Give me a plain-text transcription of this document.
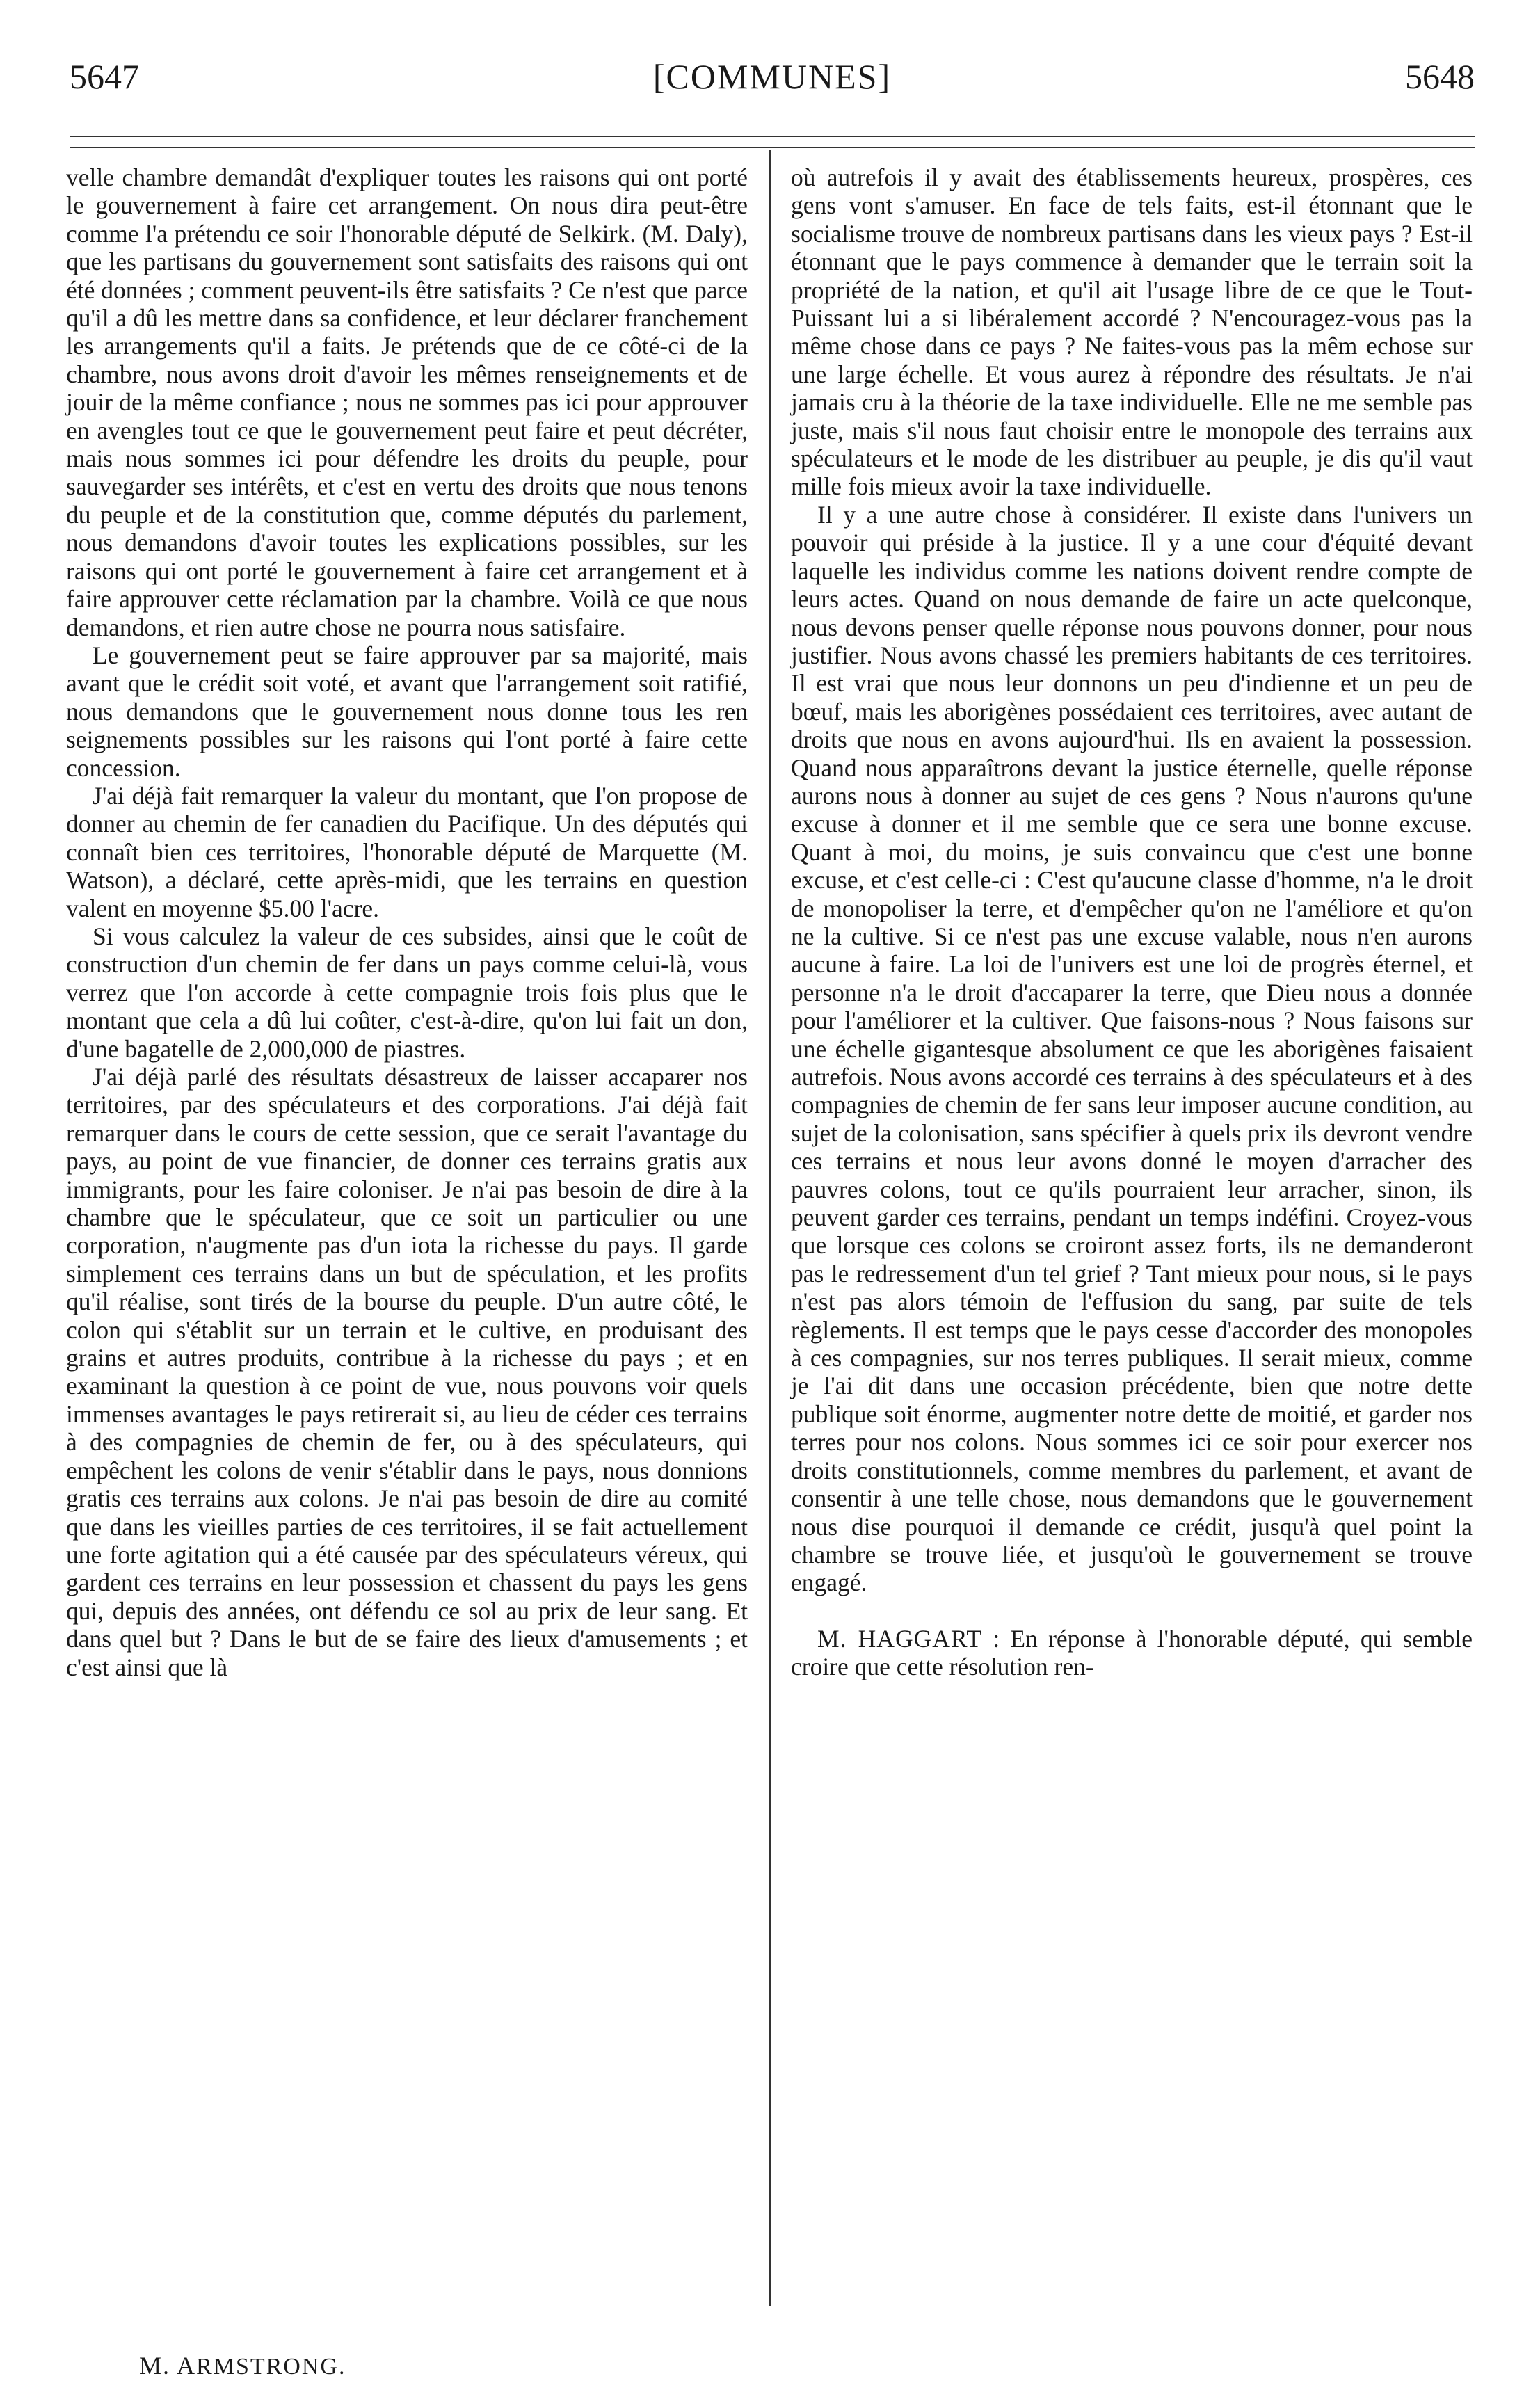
5647	[COMMUNES]	5648

velle chambre demandât d'expliquer toutes les raisons qui ont porté le gouvernement à faire cet arrangement. On nous dira peut-être comme l'a prétendu ce soir l'honorable député de Selkirk. (M. Daly), que les partisans du gouvernement sont satisfaits des raisons qui ont été données ; comment peuvent-ils être satisfaits ? Ce n'est que parce qu'il a dû les mettre dans sa confidence, et leur déclarer franchement les arrangements qu'il a faits. Je prétends que de ce côté-ci de la chambre, nous avons droit d'avoir les mêmes renseignements et de jouir de la même confiance ; nous ne sommes pas ici pour approuver en avengles tout ce que le gouvernement peut faire et peut décréter, mais nous sommes ici pour défendre les droits du peuple, pour sauvegarder ses intérêts, et c'est en vertu des droits que nous tenons du peuple et de la constitution que, comme députés du parlement, nous demandons d'avoir toutes les explications possibles, sur les raisons qui ont porté le gouvernement à faire cet arrangement et à faire approuver cette réclamation par la chambre. Voilà ce que nous demandons, et rien autre chose ne pourra nous satisfaire.

Le gouvernement peut se faire approuver par sa majorité, mais avant que le crédit soit voté, et avant que l'arrangement soit ratifié, nous demandons que le gouvernement nous donne tous les ren seignements possibles sur les raisons qui l'ont porté à faire cette concession.

J'ai déjà fait remarquer la valeur du montant, que l'on propose de donner au chemin de fer canadien du Pacifique. Un des députés qui connaît bien ces territoires, l'honorable député de Marquette (M. Watson), a déclaré, cette après-midi, que les terrains en question valent en moyenne $5.00 l'acre.

Si vous calculez la valeur de ces subsides, ainsi que le coût de construction d'un chemin de fer dans un pays comme celui-là, vous verrez que l'on accorde à cette compagnie trois fois plus que le montant que cela a dû lui coûter, c'est-à-dire, qu'on lui fait un don, d'une bagatelle de 2,000,000 de piastres.

J'ai déjà parlé des résultats désastreux de laisser accaparer nos territoires, par des spéculateurs et des corporations. J'ai déjà fait remarquer dans le cours de cette session, que ce serait l'avantage du pays, au point de vue financier, de donner ces terrains gratis aux immigrants, pour les faire coloniser. Je n'ai pas besoin de dire à la chambre que le spéculateur, que ce soit un particulier ou une corporation, n'augmente pas d'un iota la richesse du pays. Il garde simplement ces terrains dans un but de spéculation, et les profits qu'il réalise, sont tirés de la bourse du peuple. D'un autre côté, le colon qui s'établit sur un terrain et le cultive, en produisant des grains et autres produits, contribue à la richesse du pays ; et en examinant la question à ce point de vue, nous pouvons voir quels immenses avantages le pays retirerait si, au lieu de céder ces terrains à des compagnies de chemin de fer, ou à des spéculateurs, qui empêchent les colons de venir s'établir dans le pays, nous donnions gratis ces terrains aux colons. Je n'ai pas besoin de dire au comité que dans les vieilles parties de ces territoires, il se fait actuellement une forte agitation qui a été causée par des spéculateurs véreux, qui gardent ces terrains en leur possession et chassent du pays les gens qui, depuis des années, ont défendu ce sol au prix de leur sang. Et dans quel but ? Dans le but de se faire des lieux d'amusements ; et c'est ainsi que là

où autrefois il y avait des établissements heureux, prospères, ces gens vont s'amuser. En face de tels faits, est-il étonnant que le socialisme trouve de nombreux partisans dans les vieux pays ? Est-il étonnant que le pays commence à demander que le terrain soit la propriété de la nation, et qu'il ait l'usage libre de ce que le Tout-Puissant lui a si libéralement accordé ? N'encouragez-vous pas la même chose dans ce pays ? Ne faites-vous pas la mêm echose sur une large échelle. Et vous aurez à répondre des résultats. Je n'ai jamais cru à la théorie de la taxe individuelle. Elle ne me semble pas juste, mais s'il nous faut choisir entre le monopole des terrains aux spéculateurs et le mode de les distribuer au peuple, je dis qu'il vaut mille fois mieux avoir la taxe individuelle.

Il y a une autre chose à considérer. Il existe dans l'univers un pouvoir qui préside à la justice. Il y a une cour d'équité devant laquelle les individus comme les nations doivent rendre compte de leurs actes. Quand on nous demande de faire un acte quelconque, nous devons penser quelle réponse nous pouvons donner, pour nous justifier. Nous avons chassé les premiers habitants de ces territoires. Il est vrai que nous leur donnons un peu d'indienne et un peu de bœuf, mais les aborigènes possédaient ces territoires, avec autant de droits que nous en avons aujourd'hui. Ils en avaient la possession. Quand nous apparaîtrons devant la justice éternelle, quelle réponse aurons nous à donner au sujet de ces gens ? Nous n'aurons qu'une excuse à donner et il me semble que ce sera une bonne excuse. Quant à moi, du moins, je suis convaincu que c'est une bonne excuse, et c'est celle-ci : C'est qu'aucune classe d'homme, n'a le droit de monopoliser la terre, et d'empêcher qu'on ne l'améliore et qu'on ne la cultive. Si ce n'est pas une excuse valable, nous n'en aurons aucune à faire. La loi de l'univers est une loi de progrès éternel, et personne n'a le droit d'accaparer la terre, que Dieu nous a donnée pour l'améliorer et la cultiver. Que faisons-nous ? Nous faisons sur une échelle gigantesque absolument ce que les aborigènes faisaient autrefois. Nous avons accordé ces terrains à des spéculateurs et à des compagnies de chemin de fer sans leur imposer aucune condition, au sujet de la colonisation, sans spécifier à quels prix ils devront vendre ces terrains et nous leur avons donné le moyen d'arracher des pauvres colons, tout ce qu'ils pourraient leur arracher, sinon, ils peuvent garder ces terrains, pendant un temps indéfini. Croyez-vous que lorsque ces colons se croiront assez forts, ils ne demanderont pas le redressement d'un tel grief ? Tant mieux pour nous, si le pays n'est pas alors témoin de l'effusion du sang, par suite de tels règlements. Il est temps que le pays cesse d'accorder des monopoles à ces compagnies, sur nos terres publiques. Il serait mieux, comme je l'ai dit dans une occasion précédente, bien que notre dette publique soit énorme, augmenter notre dette de moitié, et garder nos terres pour nos colons. Nous sommes ici ce soir pour exercer nos droits constitutionnels, comme membres du parlement, et avant de consentir à une telle chose, nous demandons que le gouvernement nous dise pourquoi il demande ce crédit, jusqu'à quel point la chambre se trouve liée, et jusqu'où le gouvernement se trouve engagé.

M. HAGGART : En réponse à l'honorable député, qui semble croire que cette résolution ren-

M. ARMSTRONG.
